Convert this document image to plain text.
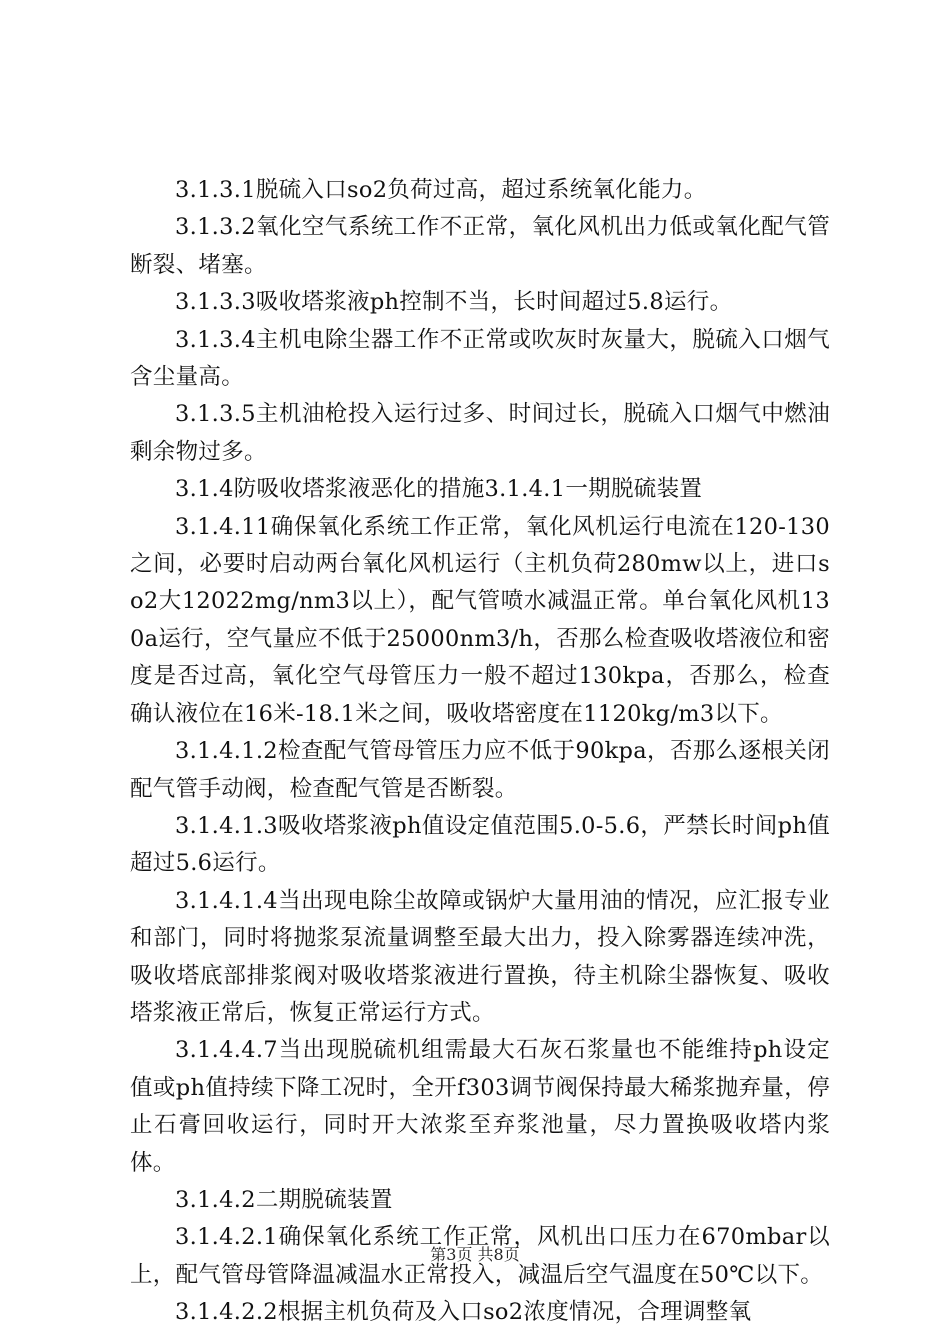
3.1.3.1脱硫入口so2负荷过高，超过系统氧化能力。

3.1.3.2氧化空气系统工作不正常，氧化风机出力低或氧化配气管断裂、堵塞。

3.1.3.3吸收塔浆液ph控制不当，长时间超过5.8运行。

3.1.3.4主机电除尘器工作不正常或吹灰时灰量大，脱硫入口烟气含尘量高。

3.1.3.5主机油枪投入运行过多、时间过长，脱硫入口烟气中燃油剩余物过多。

3.1.4防吸收塔浆液恶化的措施3.1.4.1一期脱硫装置

3.1.4.11确保氧化系统工作正常，氧化风机运行电流在120-130之间，必要时启动两台氧化风机运行（主机负荷280mw以上，进口so2大12022mg/nm3以上），配气管喷水减温正常。单台氧化风机130a运行，空气量应不低于25000nm3/h，否那么检查吸收塔液位和密度是否过高，氧化空气母管压力一般不超过130kpa，否那么，检查确认液位在16米-18.1米之间，吸收塔密度在1120kg/m3以下。

3.1.4.1.2检查配气管母管压力应不低于90kpa，否那么逐根关闭配气管手动阀，检查配气管是否断裂。

3.1.4.1.3吸收塔浆液ph值设定值范围5.0-5.6，严禁长时间ph值超过5.6运行。

3.1.4.1.4当出现电除尘故障或锅炉大量用油的情况，应汇报专业和部门，同时将抛浆泵流量调整至最大出力，投入除雾器连续冲洗，吸收塔底部排浆阀对吸收塔浆液进行置换，待主机除尘器恢复、吸收塔浆液正常后，恢复正常运行方式。

3.1.4.4.7当出现脱硫机组需最大石灰石浆量也不能维持ph设定值或ph值持续下降工况时，全开f303调节阀保持最大稀浆抛弃量，停止石膏回收运行，同时开大浓浆至弃浆池量，尽力置换吸收塔内浆体。

3.1.4.2二期脱硫装置

3.1.4.2.1确保氧化系统工作正常，风机出口压力在670mbar以上，配气管母管降温减温水正常投入，减温后空气温度在50℃以下。

3.1.4.2.2根据主机负荷及入口so2浓度情况，合理调整氧

第3页 共8页
